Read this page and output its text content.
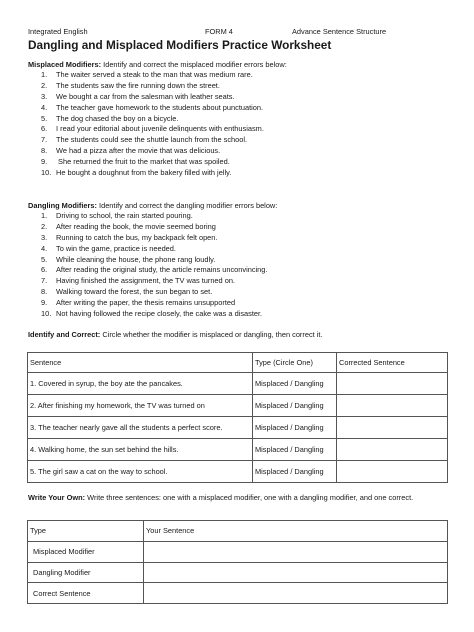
Integrated English	FORM 4	Advance Sentence Structure
Dangling and Misplaced Modifiers Practice Worksheet
Misplaced Modifiers: Identify and correct the misplaced modifier errors below:
1. The waiter served a steak to the man that was medium rare.
2. The students saw the fire running down the street.
3. We bought a car from the salesman with leather seats.
4. The teacher gave homework to the students about punctuation.
5. The dog chased the boy on a bicycle.
6. I read your editorial about juvenile delinquents with enthusiasm.
7. The students could see the shuttle launch from the school.
8. We had a pizza after the movie that was delicious.
9. She returned the fruit to the market that was spoiled.
10. He bought a doughnut from the bakery filled with jelly.
Dangling Modifiers: Identify and correct the dangling modifier errors below:
1. Driving to school, the rain started pouring.
2. After reading the book, the movie seemed boring
3. Running to catch the bus, my backpack felt open.
4. To win the game, practice is needed.
5. While cleaning the house, the phone rang loudly.
6. After reading the original study, the article remains unconvincing.
7. Having finished the assignment, the TV was turned on.
8. Walking toward the forest, the sun began to set.
9. After writing the paper, the thesis remains unsupported
10. Not having followed the recipe closely, the cake was a disaster.
Identify and Correct: Circle whether the modifier is misplaced or dangling, then correct it.
Sentence	Type (Circle One)	Corrected Sentence
1. Covered in syrup, the boy ate the pancakes.	Misplaced / Dangling	
2. After finishing my homework, the TV was turned on	Misplaced / Dangling	
3. The teacher nearly gave all the students a perfect score.	Misplaced / Dangling	
4. Walking home, the sun set behind the hills.	Misplaced / Dangling	
5. The girl saw a cat on the way to school.	Misplaced / Dangling	
Write Your Own: Write three sentences: one with a misplaced modifier, one with a dangling modifier, and one correct.
Type	Your Sentence
Misplaced Modifier	
Dangling Modifier	
Correct Sentence	
